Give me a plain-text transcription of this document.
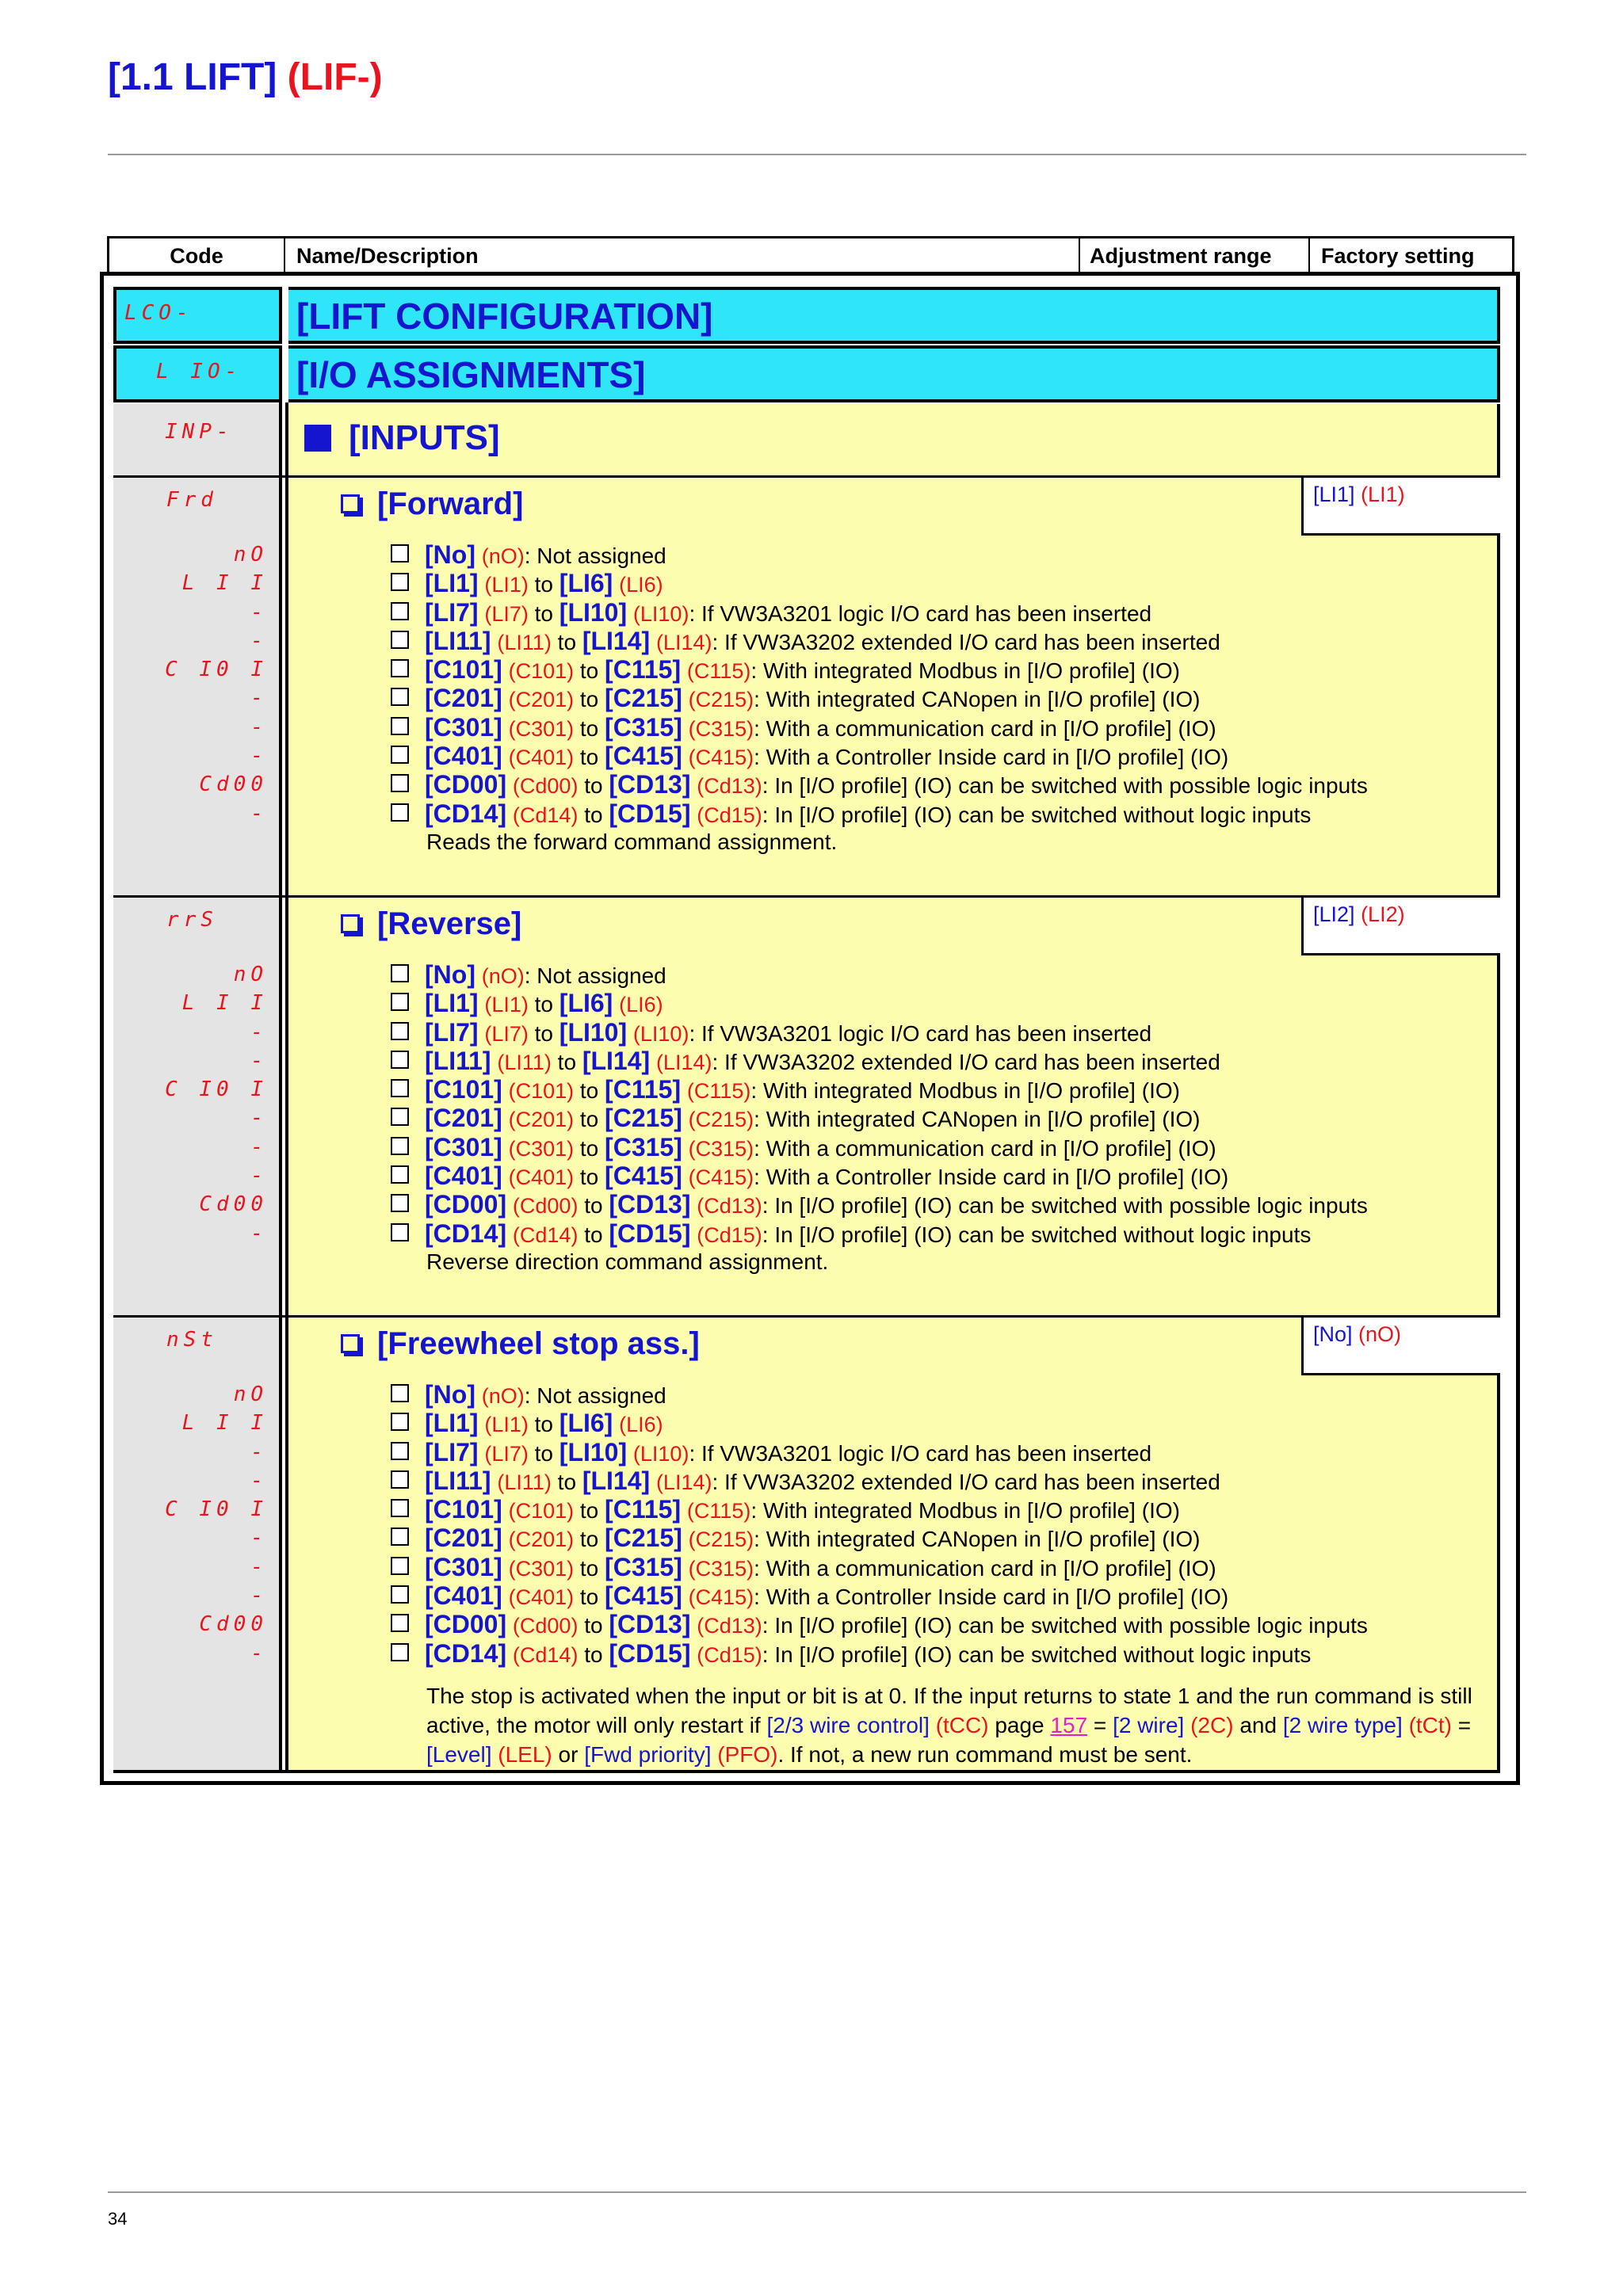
[1.1 LIFT] (LIF-)
Code	Name/Description	Adjustment range	Factory setting
LCO-	[LIFT CONFIGURATION]
L IO- [I/O ASSIGNMENTS]
INP-	[INPUTS]
Frd	[Forward]	[LI1] (LI1)
nO
L I I
-
-
C I0 I
-
-
-
Cd00
-
[No] (nO): Not assigned
[LI1] (LI1) to [LI6] (LI6)
[LI7] (LI7) to [LI10] (LI10): If VW3A3201 logic I/O card has been inserted
[LI11] (LI11) to [LI14] (LI14): If VW3A3202 extended I/O card has been inserted
[C101] (C101) to [C115] (C115): With integrated Modbus in [I/O profile] (IO)
[C201] (C201) to [C215] (C215): With integrated CANopen in [I/O profile] (IO)
[C301] (C301) to [C315] (C315): With a communication card in [I/O profile] (IO)
[C401] (C401) to [C415] (C415): With a Controller Inside card in [I/O profile] (IO)
[CD00] (Cd00) to [CD13] (Cd13): In [I/O profile] (IO) can be switched with possible logic inputs
[CD14] (Cd14) to [CD15] (Cd15): In [I/O profile] (IO) can be switched without logic inputs
Reads the forward command assignment.
rrS	[Reverse]	[LI2] (LI2)
nO
L I I
-
-
C I0 I
-
-
-
Cd00
-
[No] (nO): Not assigned
[LI1] (LI1) to [LI6] (LI6)
[LI7] (LI7) to [LI10] (LI10): If VW3A3201 logic I/O card has been inserted
[LI11] (LI11) to [LI14] (LI14): If VW3A3202 extended I/O card has been inserted
[C101] (C101) to [C115] (C115): With integrated Modbus in [I/O profile] (IO)
[C201] (C201) to [C215] (C215): With integrated CANopen in [I/O profile] (IO)
[C301] (C301) to [C315] (C315): With a communication card in [I/O profile] (IO)
[C401] (C401) to [C415] (C415): With a Controller Inside card in [I/O profile] (IO)
[CD00] (Cd00) to [CD13] (Cd13): In [I/O profile] (IO) can be switched with possible logic inputs
[CD14] (Cd14) to [CD15] (Cd15): In [I/O profile] (IO) can be switched without logic inputs
Reverse direction command assignment.
nSt	[Freewheel stop ass.]	[No] (nO)
nO
L I I
-
-
C I0 I
-
-
-
Cd00
-
[No] (nO): Not assigned
[LI1] (LI1) to [LI6] (LI6)
[LI7] (LI7) to [LI10] (LI10): If VW3A3201 logic I/O card has been inserted
[LI11] (LI11) to [LI14] (LI14): If VW3A3202 extended I/O card has been inserted
[C101] (C101) to [C115] (C115): With integrated Modbus in [I/O profile] (IO)
[C201] (C201) to [C215] (C215): With integrated CANopen in [I/O profile] (IO)
[C301] (C301) to [C315] (C315): With a communication card in [I/O profile] (IO)
[C401] (C401) to [C415] (C415): With a Controller Inside card in [I/O profile] (IO)
[CD00] (Cd00) to [CD13] (Cd13): In [I/O profile] (IO) can be switched with possible logic inputs
[CD14] (Cd14) to [CD15] (Cd15): In [I/O profile] (IO) can be switched without logic inputs
The stop is activated when the input or bit is at 0. If the input returns to state 1 and the run command is still active, the motor will only restart if [2/3 wire control] (tCC) page 157 = [2 wire] (2C) and [2 wire type] (tCt) = [Level] (LEL) or [Fwd priority] (PFO). If not, a new run command must be sent.
34
